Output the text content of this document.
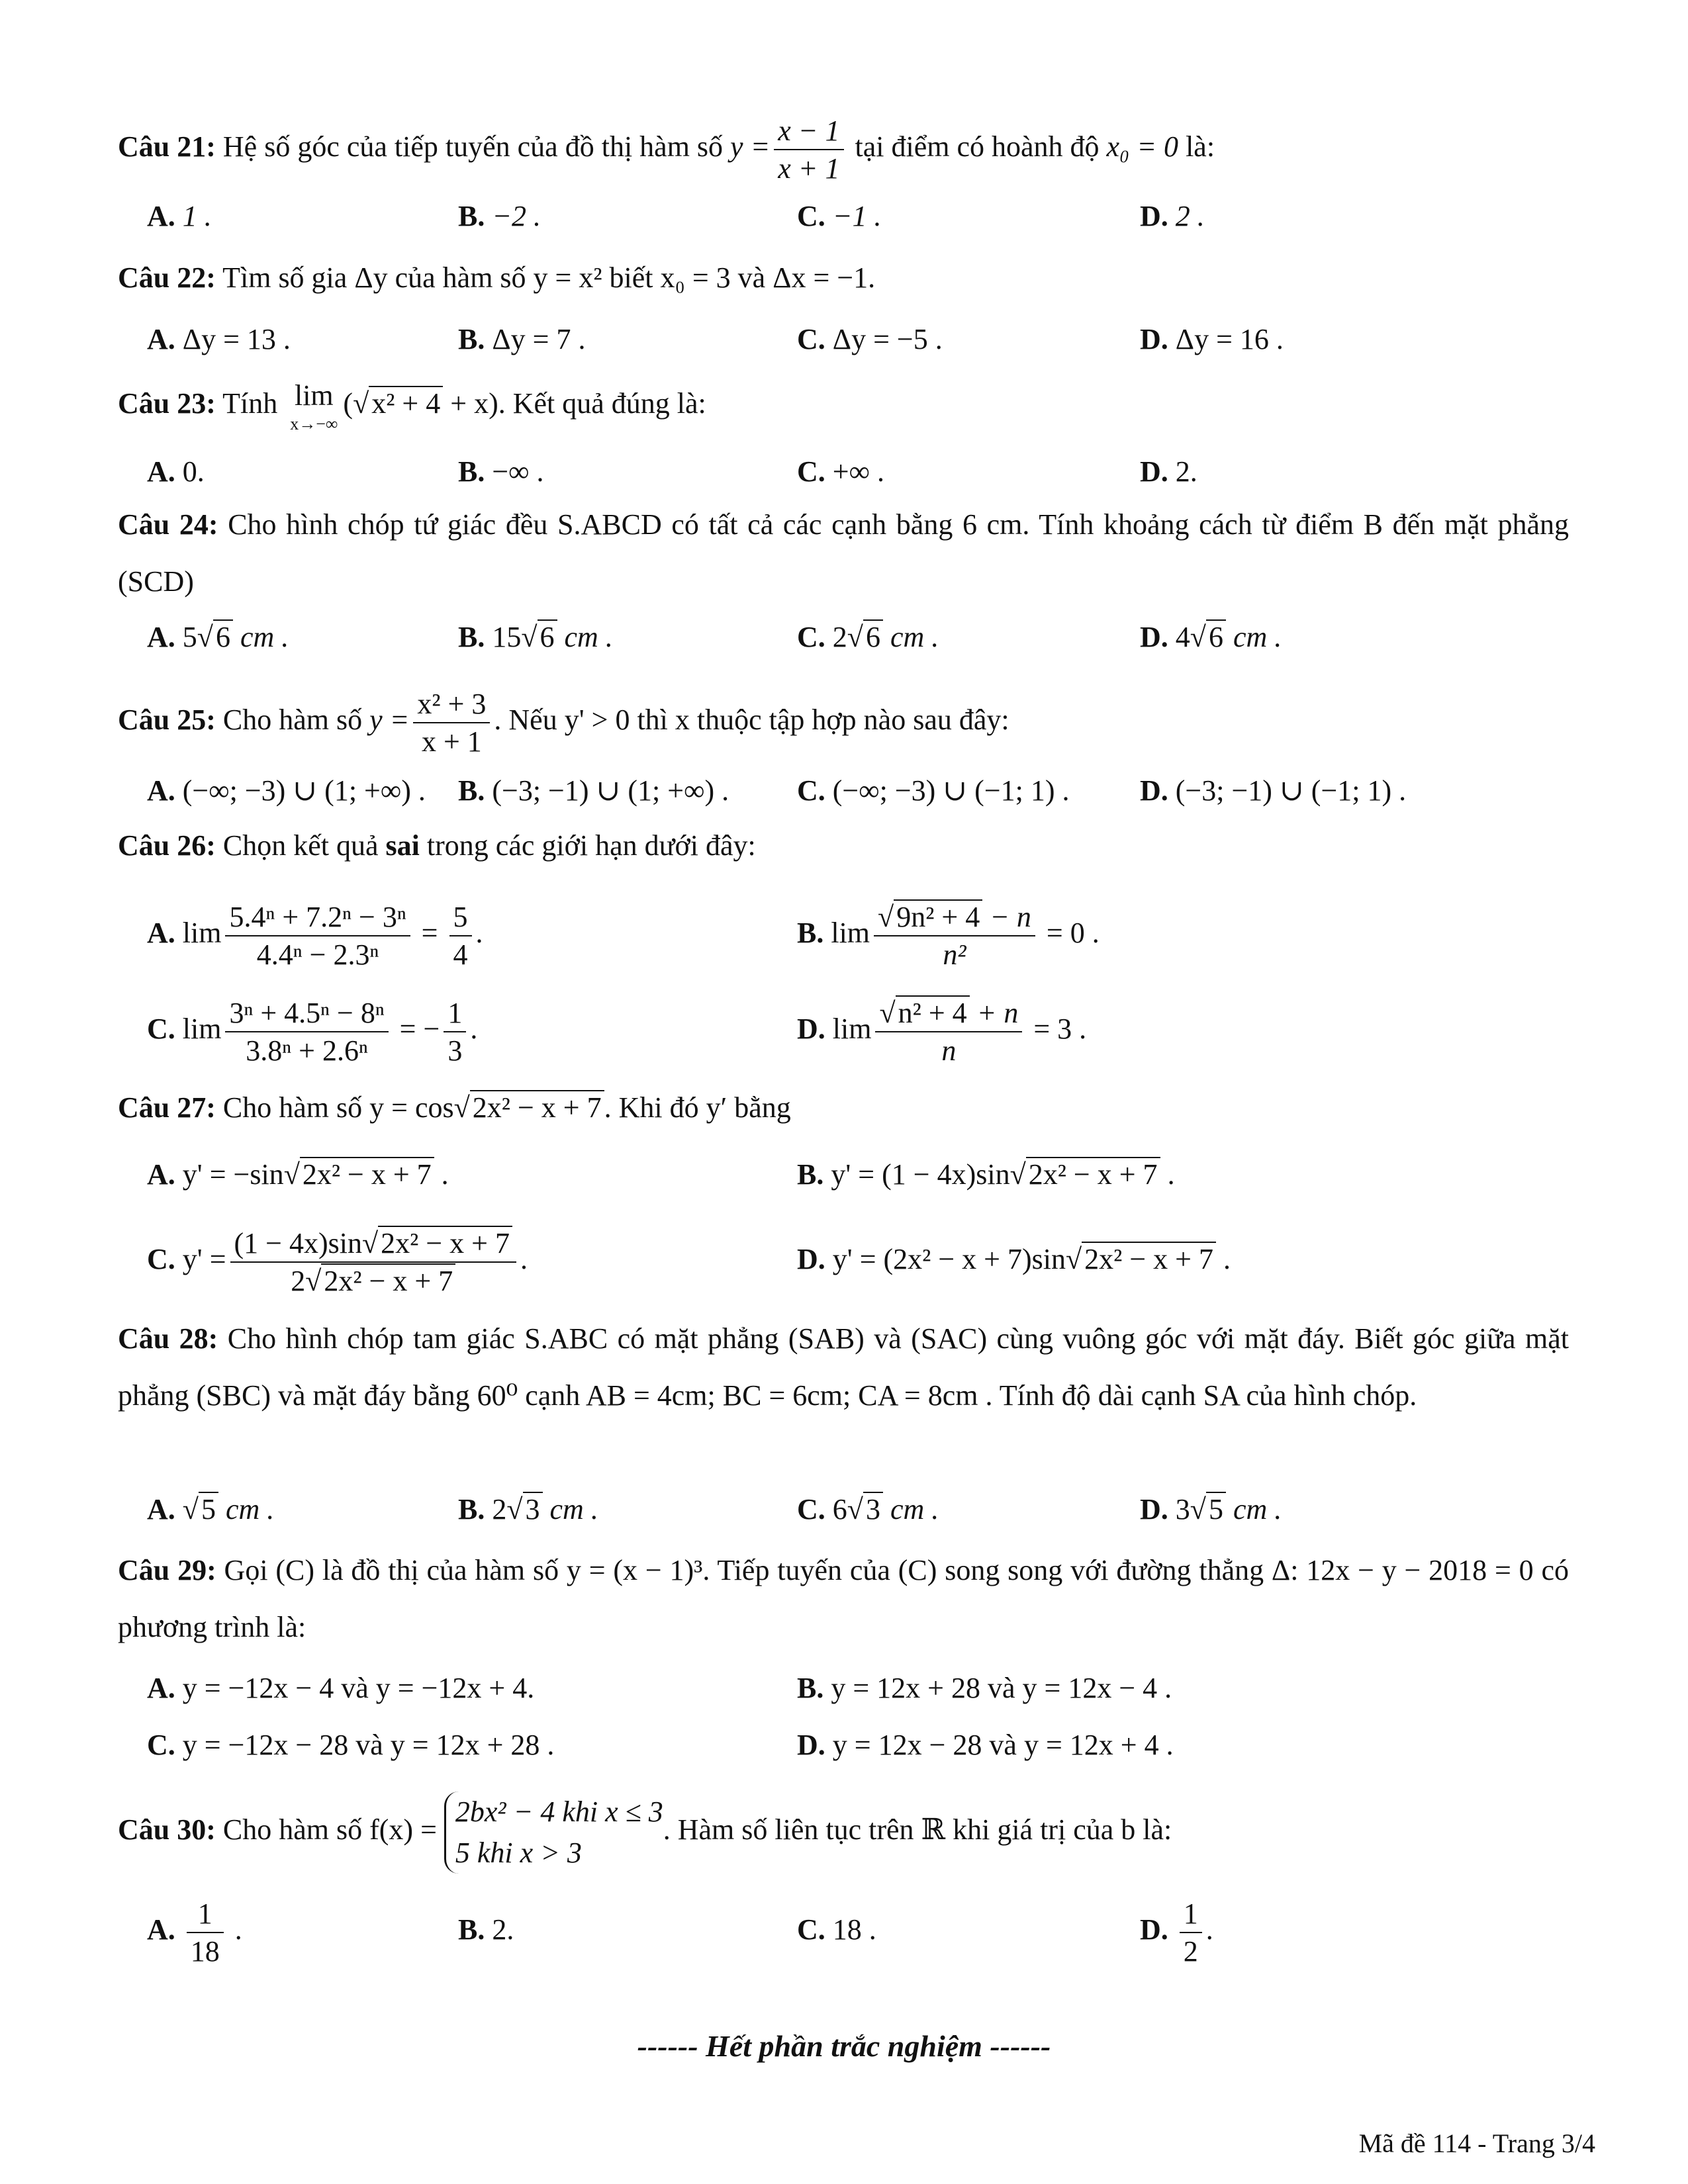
Câu 21: Hệ số góc của tiếp tuyến của đồ thị hàm số $y = \frac{x - 1}{x + 1}$ tại điểm có hoành độ x₀ = 0 là:
A. 1 .	B. −2 .	C. −1 .	D. 2 .
Câu 22: Tìm số gia Δy của hàm số y = x² biết x₀ = 3 và Δx = −1.
A. Δy = 13 .	B. Δy = 7 .	C. Δy = −5 .	D. Δy = 16 .
Câu 23: Tính lim
x→−∞
(√x² + 4 + x). Kết quả đúng là:
A. 0.	B. −∞ .	C. +∞ .	D. 2.
Câu 24: Cho hình chóp tứ giác đều S.ABCD có tất cả các cạnh bằng 6 cm. Tính khoảng cách từ điểm B đến mặt phẳng (SCD)
A. 5√6 cm .	B. 15√6 cm .	C. 2√6 cm .	D. 4√6 cm .
Câu 25: Cho hàm số $y = \frac{\text{x² + 3}}{x + 1}$ . Nếu y' > 0 thì x thuộc tập hợp nào sau đây:
A. (−∞; −3) ∪ (1; +∞) . B. (−3; −1) ∪ (1; +∞) . C. (−∞; −3) ∪ (−1; 1) . D. (−3; −1) ∪ (−1; 1) .
Câu 26: Chọn kết quả sai trong các giới hạn dưới đây:
A. $\lim \frac{\text{5.4ⁿ + 7.2ⁿ − 3ⁿ}}{\text{4.4ⁿ − 2.3ⁿ}} = \frac{5}{4}$ .	B. $\lim \frac{\text{√9n² + 4 − n}}{\text{n²}} = 0$ .
C. $\lim \frac{\text{3ⁿ + 4.5ⁿ − 8ⁿ}}{\text{3.8ⁿ + 2.6ⁿ}}$ = − $\frac{1}{3}$ .	D. $\lim \frac{\text{√n² + 4 + n}}{n} = 3$ .
Câu 27: Cho hàm số y = cos√2x² − x + 7. Khi đó y′ bằng
A. y' = −sin√2x² − x + 7 .	B. y' = (1 − 4x)sin√2x² − x + 7 .
C. $y' = \frac{\text{(1 − 4x)sin√2x² − x + 7}}{\text{2√2x² − x + 7}}$ .	D. y' = (2x² − x + 7)sin√2x² − x + 7 .
Câu 28: Cho hình chóp tam giác S.ABC có mặt phẳng (SAB) và (SAC) cùng vuông góc với mặt đáy. Biết góc giữa mặt phẳng (SBC) và mặt đáy bằng 60⁰ cạnh AB = 4cm; BC = 6cm; CA = 8cm . Tính độ dài cạnh SA của hình chóp.
A. √5 cm .	B. 2√3 cm .	C. 6√3 cm .	D. 3√5 cm .
Câu 29: Gọi (C) là đồ thị của hàm số y = (x − 1)³. Tiếp tuyến của (C) song song với đường thẳng Δ: 12x − y − 2018 = 0 có phương trình là:
A. y = −12x − 4 và y = −12x + 4.	B. y = 12x + 28 và y = 12x − 4 .
C. y = −12x − 28 và y = 12x + 28 .	D. y = 12x − 28 và y = 12x + 4 .
Câu 30: Cho hàm số f(x) =
2bx² − 4 khi x ≤ 3
5 khi x > 3
. Hàm số liên tục trên ℝ khi giá trị của b là:
A. $\frac{1}{18}$ .	B. 2.	C. 18 .	D. $\frac{1}{2}$ .
------ Hết phần trắc nghiệm ------
Mã đề 114 - Trang 3/4
